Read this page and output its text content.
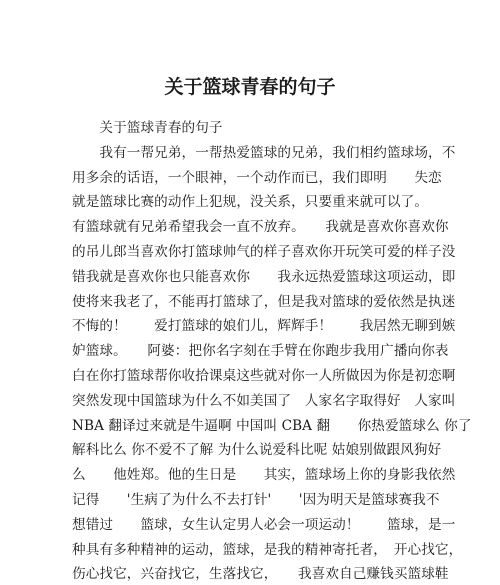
关于篮球青春的句子
　　关于篮球青春的句子
　　我有一帮兄弟，一帮热爱篮球的兄弟，我们相约篮球场，不
用多余的话语，一个眼神，一个动作而已，我们即明　　失恋
就是篮球比赛的动作上犯规，没关系，只要重来就可以了。
有篮球就有兄弟希望我会一直不放弃。　　我就是喜欢你喜欢你
的吊儿郎当喜欢你打篮球帅气的样子喜欢你开玩笑可爱的样子没
错我就是喜欢你也只能喜欢你　　我永远热爱篮球这项运动，即
使将来我老了，不能再打篮球了，但是我对篮球的爱依然是执迷
不悔的！　　爱打篮球的娘们儿，辉辉手！　　我居然无聊到嫉
妒篮球。　　阿婆：把你名字刻在手臂在你跑步我用广播向你表
白在你打篮球帮你收拾课桌这些就对你一人所做因为你是初恋啊
突然发现中国篮球为什么不如美国了　人家名字取得好　人家叫
NBA 翻译过来就是牛逼啊 中国叫 CBA 翻　　你热爱篮球么 你了
解科比么 你不爱不了解 为什么说爱科比呢 姑娘别做跟风狗好
么　　他姓郑。他的生日是　　其实，篮球场上你的身影我依然
记得　　'生病了为什么不去打针'　　'因为明天是篮球赛我不
想错过　　篮球，女生认定男人必会一项运动！　　篮球，是一
种具有多种精神的运动，篮球，是我的精神寄托者，　开心找它，
伤心找它，兴奋找它，生落找它，　　我喜欢自己赚钱买篮球鞋
